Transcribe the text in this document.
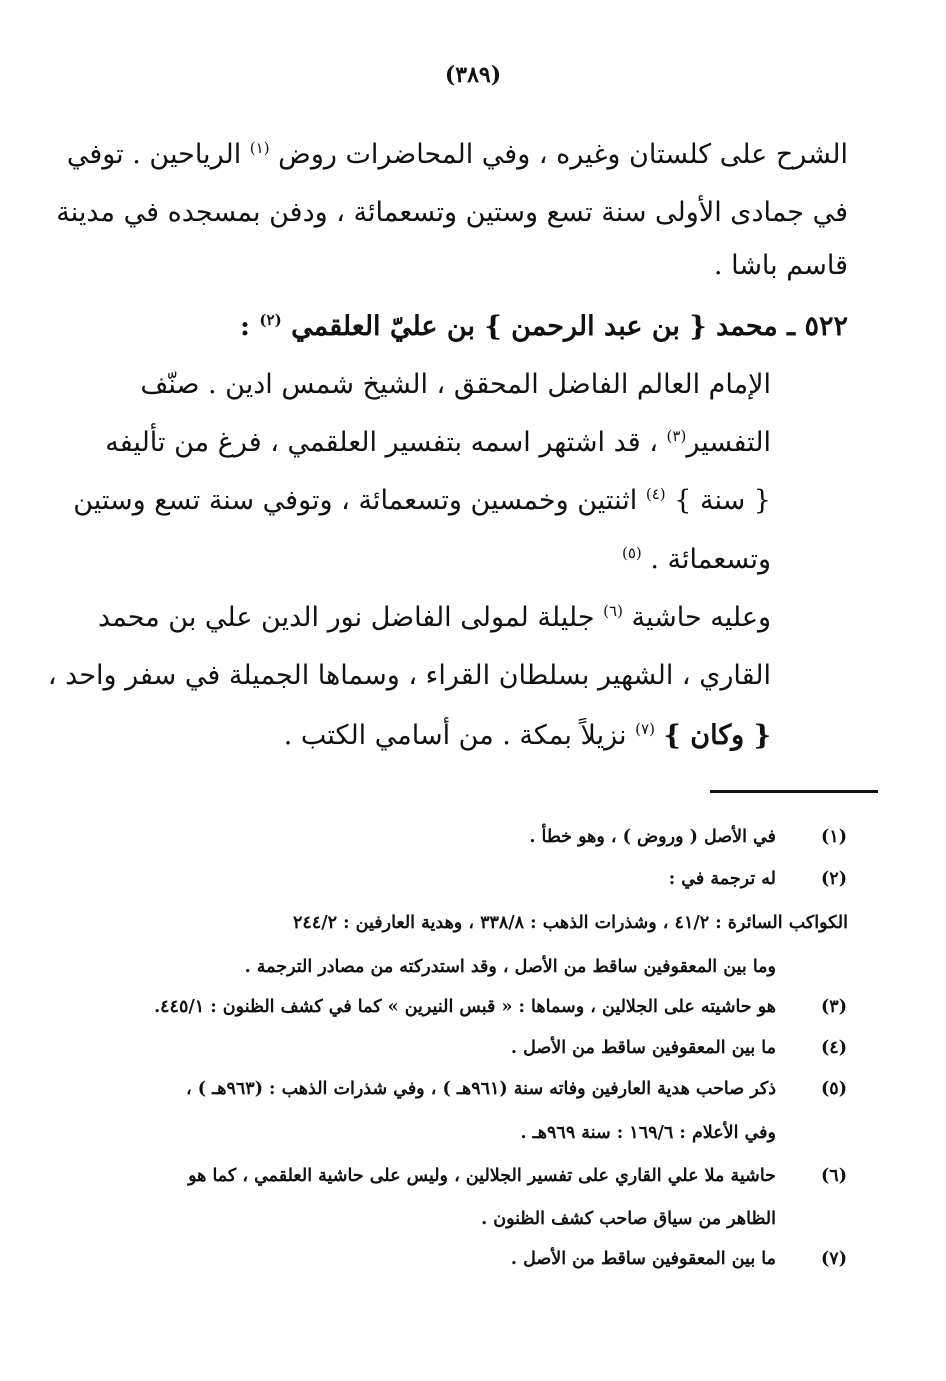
(٣٨٩)
الشرح على كلستان وغيره ، وفي المحاضرات روض $^{(١)}$ الرياحين . توفي
في جمادى الأولى سنة تسع وستين وتسعمائة ، ودفن بمسجده في مدينة
قاسم باشا .
٥٢٢ ـ محمد { بن عبد الرحمن } بن عليّ العلقمي $^{(٢)}$ :
الإمام العالم الفاضل المحقق ، الشيخ شمس ادين . صنّف
التفسير$^{(٣)}$ ، قد اشتهر اسمه بتفسير العلقمي ، فرغ من تأليفه
{ سنة } $^{(٤)}$ اثنتين وخمسين وتسعمائة ، وتوفي سنة تسع وستين
وتسعمائة . $^{(٥)}$
وعليه حاشية $^{(٦)}$ جليلة لمولى الفاضل نور الدين علي بن محمد
القاري ، الشهير بسلطان القراء ، وسماها الجميلة في سفر واحد ،
{ وكان } $^{(٧)}$ نزيلاً بمكة . من أسامي الكتب .
(١)
في الأصل ( وروض ) ، وهو خطأ .
(٢)
له ترجمة في :
الكواكب السائرة : ٤١/٢ ، وشذرات الذهب : ٣٣٨/٨ ، وهدية العارفين : ٢٤٤/٢
وما بين المعقوفين ساقط من الأصل ، وقد استدركته من مصادر الترجمة .
(٣)
هو حاشيته على الجلالين ، وسماها : « قبس النيرين » كما في كشف الظنون : ٤٤٥/١.
(٤)
ما بين المعقوفين ساقط من الأصل .
(٥)
ذكر صاحب هدية العارفين وفاته سنة (٩٦١هـ ) ، وفي شذرات الذهب : (٩٦٣هـ ) ،
وفي الأعلام : ١٦٩/٦ : سنة ٩٦٩هـ .
(٦)
حاشية ملا علي القاري على تفسير الجلالين ، وليس على حاشية العلقمي ، كما هو
الظاهر من سياق صاحب كشف الظنون .
(٧)
ما بين المعقوفين ساقط من الأصل .
